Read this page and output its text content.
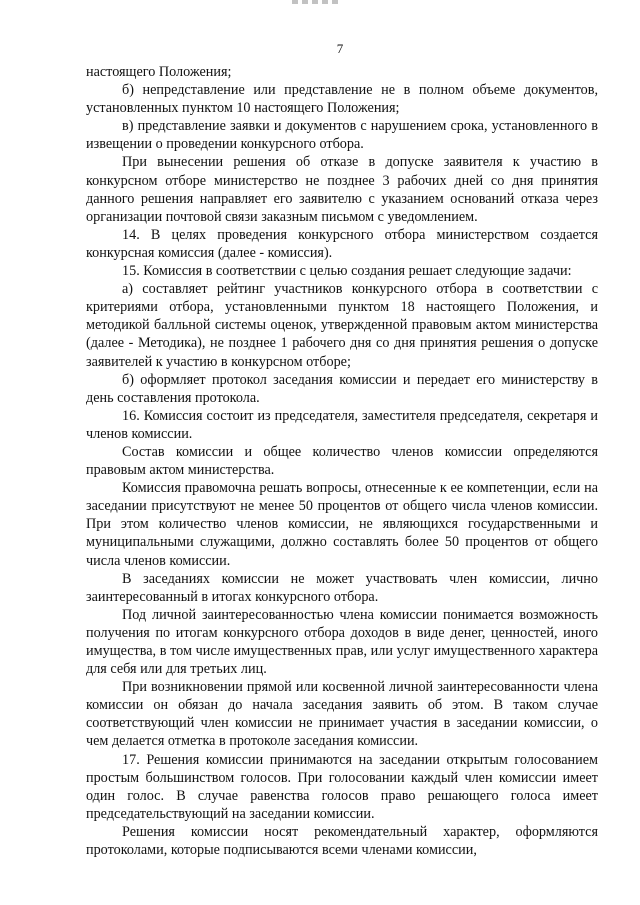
7

настоящего Положения;

б) непредставление или представление не в полном объеме документов, установленных пунктом 10 настоящего Положения;

в) представление заявки и документов с нарушением срока, установленного в извещении о проведении конкурсного отбора.

При вынесении решения об отказе в допуске заявителя к участию в конкурсном отборе министерство не позднее 3 рабочих дней со дня принятия данного решения направляет его заявителю с указанием оснований отказа через организации почтовой связи заказным письмом с уведомлением.

14. В целях проведения конкурсного отбора министерством создается конкурсная комиссия (далее - комиссия).

15. Комиссия в соответствии с целью создания решает следующие задачи:

а) составляет рейтинг участников конкурсного отбора в соответствии с критериями отбора, установленными пунктом 18 настоящего Положения, и методикой балльной системы оценок, утвержденной правовым актом министерства (далее - Методика), не позднее 1 рабочего дня со дня принятия решения о допуске заявителей к участию в конкурсном отборе;

б) оформляет протокол заседания комиссии и передает его министерству в день составления протокола.

16. Комиссия состоит из председателя, заместителя председателя, секретаря и членов комиссии.

Состав комиссии и общее количество членов комиссии определяются правовым актом министерства.

Комиссия правомочна решать вопросы, отнесенные к ее компетенции, если на заседании присутствуют не менее 50 процентов от общего числа членов комиссии. При этом количество членов комиссии, не являющихся государственными и муниципальными служащими, должно составлять более 50 процентов от общего числа членов комиссии.

В заседаниях комиссии не может участвовать член комиссии, лично заинтересованный в итогах конкурсного отбора.

Под личной заинтересованностью члена комиссии понимается возможность получения по итогам конкурсного отбора доходов в виде денег, ценностей, иного имущества, в том числе имущественных прав, или услуг имущественного характера для себя или для третьих лиц.

При возникновении прямой или косвенной личной заинтересованности члена комиссии он обязан до начала заседания заявить об этом. В таком случае соответствующий член комиссии не принимает участия в заседании комиссии, о чем делается отметка в протоколе заседания комиссии.

17. Решения комиссии принимаются на заседании открытым голосованием простым большинством голосов. При голосовании каждый член комиссии имеет один голос. В случае равенства голосов право решающего голоса имеет председательствующий на заседании комиссии.

Решения комиссии носят рекомендательный характер, оформляются протоколами, которые подписываются всеми членами комиссии,
